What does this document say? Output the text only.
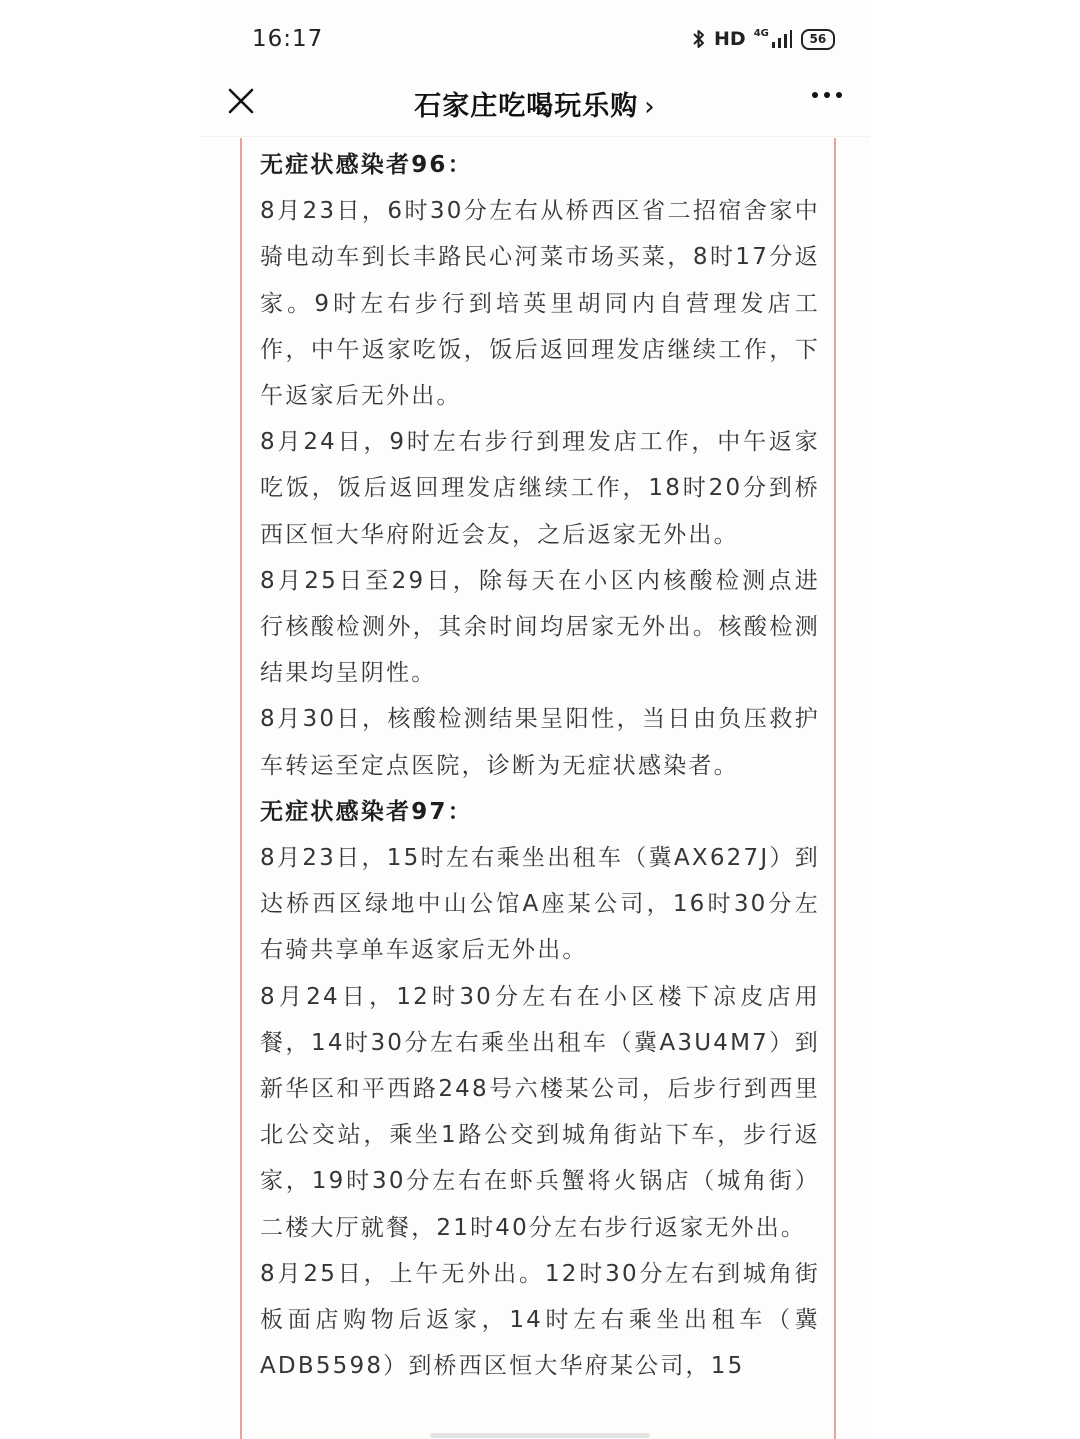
16:17	HD 4G	56
石家庄吃喝玩乐购 ›

无症状感染者96：

8月23日，6时30分左右从桥西区省二招宿舍家中骑电动车到长丰路民心河菜市场买菜，8时17分返家。9时左右步行到培英里胡同内自营理发店工作，中午返家吃饭，饭后返回理发店继续工作，下午返家后无外出。

8月24日，9时左右步行到理发店工作，中午返家吃饭，饭后返回理发店继续工作，18时20分到桥西区恒大华府附近会友，之后返家无外出。

8月25日至29日，除每天在小区内核酸检测点进行核酸检测外，其余时间均居家无外出。核酸检测结果均呈阴性。

8月30日，核酸检测结果呈阳性，当日由负压救护车转运至定点医院，诊断为无症状感染者。

无症状感染者97：

8月23日，15时左右乘坐出租车（冀AX627J）到达桥西区绿地中山公馆A座某公司，16时30分左右骑共享单车返家后无外出。

8月24日，12时30分左右在小区楼下凉皮店用餐，14时30分左右乘坐出租车（冀A3U4M7）到新华区和平西路248号六楼某公司，后步行到西里北公交站，乘坐1路公交到城角街站下车，步行返家，19时30分左右在虾兵蟹将火锅店（城角街）二楼大厅就餐，21时40分左右步行返家无外出。

8月25日，上午无外出。12时30分左右到城角街板面店购物后返家，14时左右乘坐出租车（冀ADB5598）到桥西区恒大华府某公司，15
